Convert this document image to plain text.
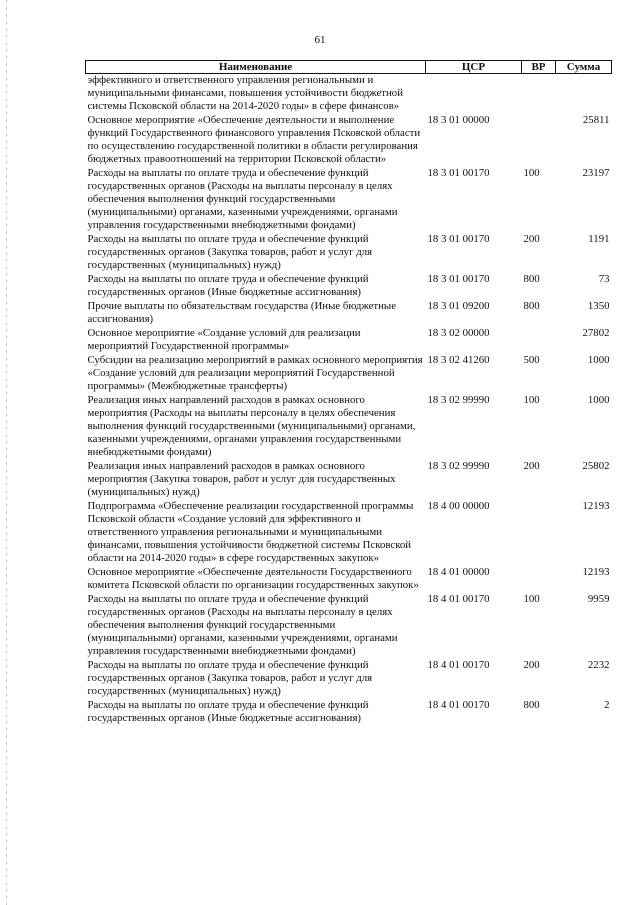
61
Наименование	ЦСР	ВР	Сумма
эффективного и ответственного управления региональными и муниципальными финансами, повышения устойчивости бюджетной системы Псковской области на 2014-2020 годы» в сфере финансов»			
Основное мероприятие «Обеспечение деятельности и выполнение функций Государственного финансового управления Псковской области по осуществлению государственной политики в области регулирования бюджетных правоотношений на территории Псковской области»	18 3 01 00000		25811
Расходы на выплаты по оплате труда и обеспечение функций государственных органов (Расходы на выплаты персоналу в целях обеспечения выполнения функций государственными (муниципальными) органами, казенными учреждениями, органами управления государственными внебюджетными фондами)	18 3 01 00170	100	23197
Расходы на выплаты по оплате труда и обеспечение функций государственных органов (Закупка товаров, работ и услуг для государственных (муниципальных) нужд)	18 3 01 00170	200	1191
Расходы на выплаты по оплате труда и обеспечение функций государственных органов (Иные бюджетные ассигнования)	18 3 01 00170	800	73
Прочие выплаты по обязательствам государства (Иные бюджетные ассигнования)	18 3 01 09200	800	1350
Основное мероприятие «Создание условий для реализации мероприятий Государственной программы»	18 3 02 00000		27802
Субсидии на реализацию мероприятий в рамках основного мероприятия «Создание условий для реализации мероприятий Государственной программы» (Межбюджетные трансферты)	18 3 02 41260	500	1000
Реализация иных направлений расходов в рамках основного мероприятия (Расходы на выплаты персоналу в целях обеспечения выполнения функций государственными (муниципальными) органами, казенными учреждениями, органами управления государственными внебюджетными фондами)	18 3 02 99990	100	1000
Реализация иных направлений расходов в рамках основного мероприятия (Закупка товаров, работ и услуг для государственных (муниципальных) нужд)	18 3 02 99990	200	25802
Подпрограмма «Обеспечение реализации государственной программы Псковской области «Создание условий для эффективного и ответственного управления региональными и муниципальными финансами, повышения устойчивости бюджетной системы Псковской области на 2014-2020 годы» в сфере государственных закупок»	18 4 00 00000		12193
Основное мероприятие «Обеспечение деятельности Государственного комитета Псковской области по организации государственных закупок»	18 4 01 00000		12193
Расходы на выплаты по оплате труда и обеспечение функций государственных органов (Расходы на выплаты персоналу в целях обеспечения выполнения функций государственными (муниципальными) органами, казенными учреждениями, органами управления государственными внебюджетными фондами)	18 4 01 00170	100	9959
Расходы на выплаты по оплате труда и обеспечение функций государственных органов (Закупка товаров, работ и услуг для государственных (муниципальных) нужд)	18 4 01 00170	200	2232
Расходы на выплаты по оплате труда и обеспечение функций государственных органов (Иные бюджетные ассигнования)	18 4 01 00170	800	2
